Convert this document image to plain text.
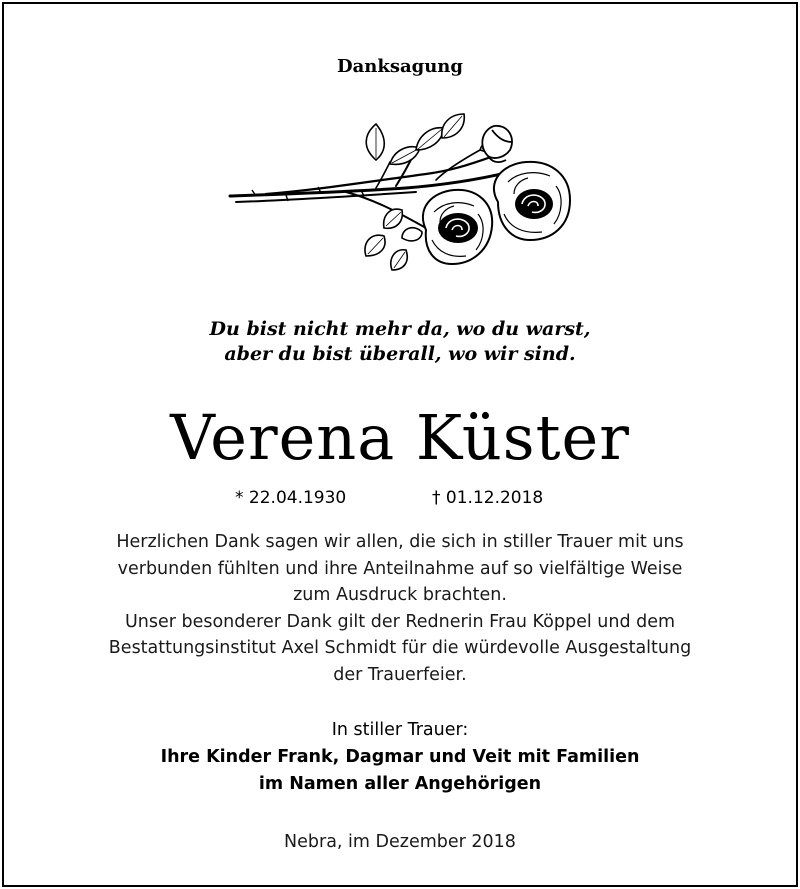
Danksagung
Du bist nicht mehr da, wo du warst,
aber du bist überall, wo wir sind.
Verena Küster
* 22.04.1930	† 01.12.2018
Herzlichen Dank sagen wir allen, die sich in stiller Trauer mit uns
verbunden fühlten und ihre Anteilnahme auf so vielfältige Weise
zum Ausdruck brachten.
Unser besonderer Dank gilt der Rednerin Frau Köppel und dem
Bestattungsinstitut Axel Schmidt für die würdevolle Ausgestaltung
der Trauerfeier.
In stiller Trauer:
Ihre Kinder Frank, Dagmar und Veit mit Familien
im Namen aller Angehörigen
Nebra, im Dezember 2018
